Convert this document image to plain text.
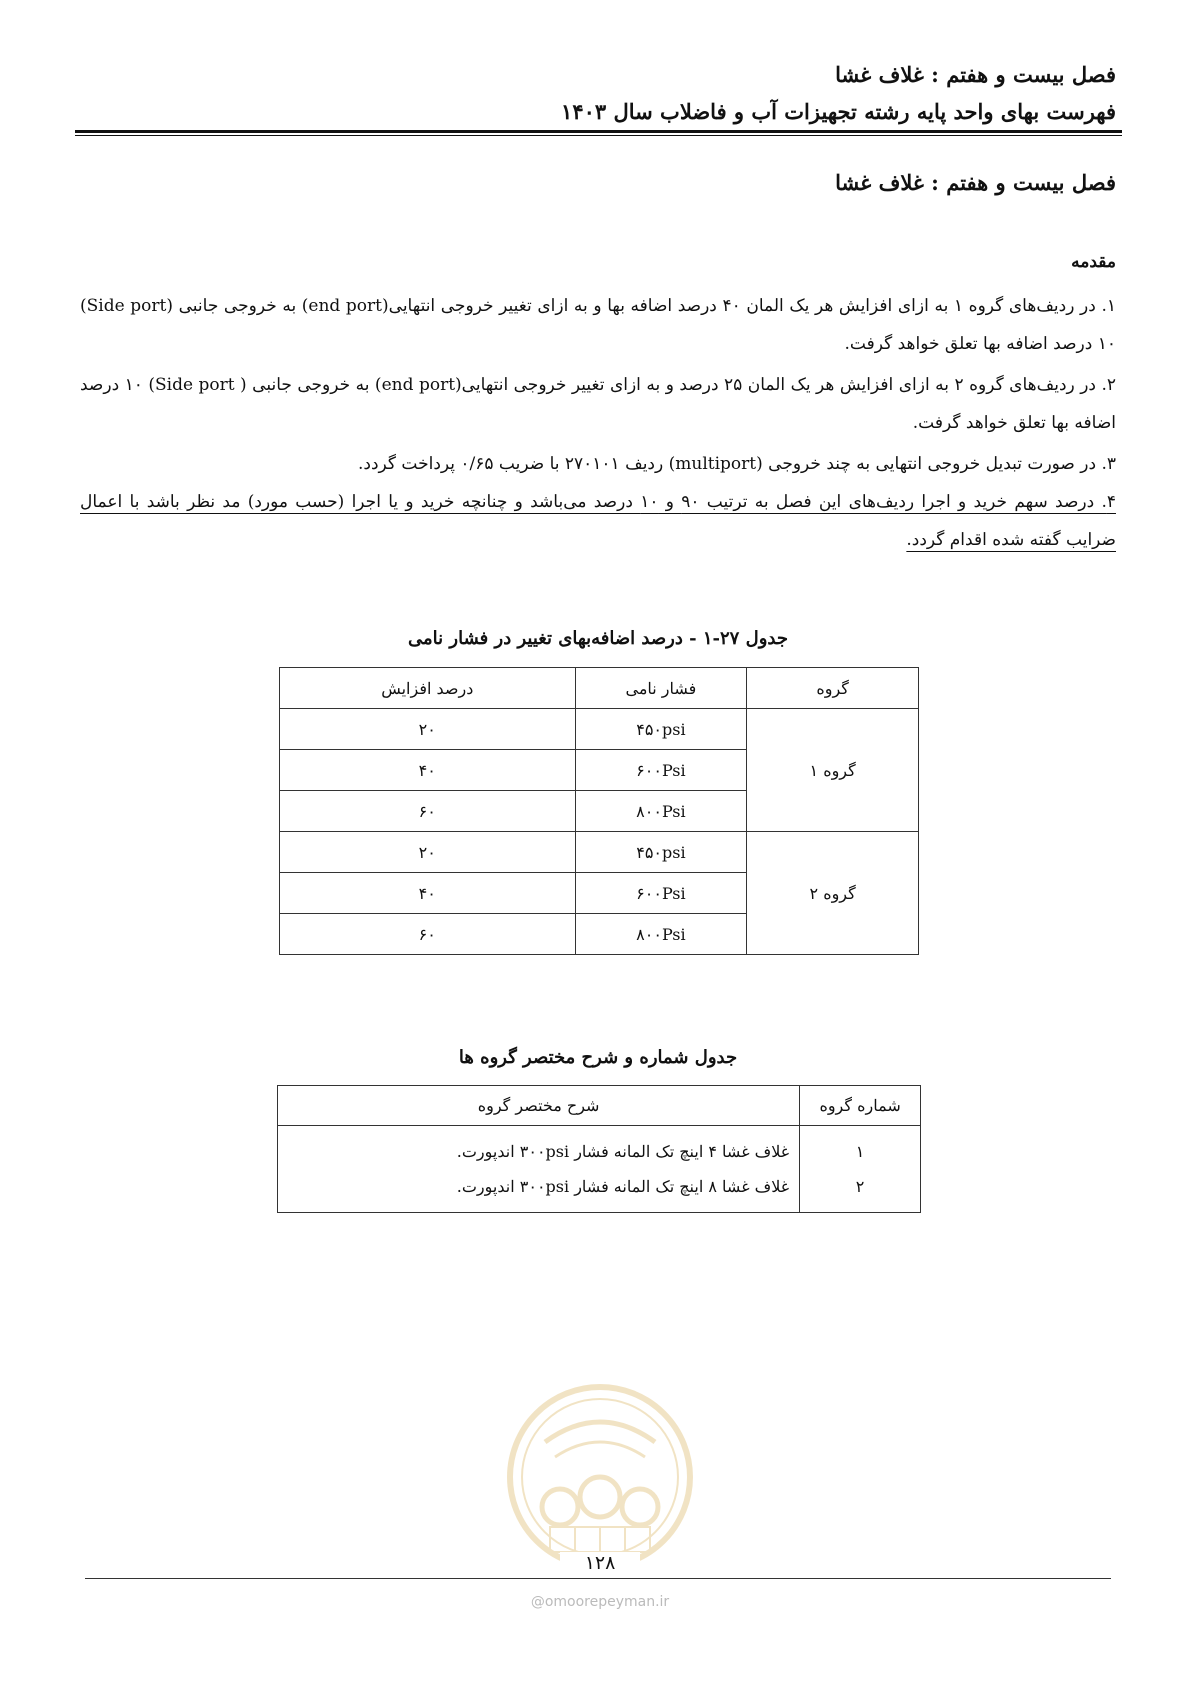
فصل بیست و هفتم : غلاف غشا
فهرست بهای واحد پایه رشته تجهیزات آب و فاضلاب سال ۱۴۰۳
فصل بیست و هفتم : غلاف غشا
مقدمه
۱. در ردیف‌های گروه ۱ به ازای افزایش هر یک المان ۴۰ درصد اضافه بها و به ازای تغییر خروجی انتهایی(end port) به خروجی جانبی (Side port) ۱۰ درصد اضافه بها تعلق خواهد گرفت.
۲. در ردیف‌های گروه ۲ به ازای افزایش هر یک المان ۲۵ درصد و به ازای تغییر خروجی انتهایی(end port) به خروجی جانبی ( Side port) ۱۰ درصد اضافه بها تعلق خواهد گرفت.
۳. در صورت تبدیل خروجی انتهایی به چند خروجی (multiport) ردیف ۲۷۰۱۰۱ با ضریب ۰/۶۵ پرداخت گردد.
۴. درصد سهم خرید و اجرا ردیف‌های این فصل به ترتیب ۹۰ و ۱۰ درصد می‌باشد و چنانچه خرید و یا اجرا (حسب مورد) مد نظر باشد با اعمال ضرایب گفته شده اقدام گردد.
جدول ۲۷-۱ - درصد اضافه‌بهای تغییر در فشار نامی
گروه	فشار نامی	درصد افزایش
گروه ۱	۴۵۰psi	۲۰
	۶۰۰Psi	۴۰
	۸۰۰Psi	۶۰
گروه ۲	۴۵۰psi	۲۰
	۶۰۰Psi	۴۰
	۸۰۰Psi	۶۰
جدول شماره و شرح مختصر گروه ها
شماره گروه	شرح مختصر گروه
۱	غلاف غشا ۴ اینچ تک المانه فشار ۳۰۰psi اندپورت.
۲	غلاف غشا ۸ اینچ تک المانه فشار ۳۰۰psi اندپورت.
۱۲۸
@omoorepeyman.ir
